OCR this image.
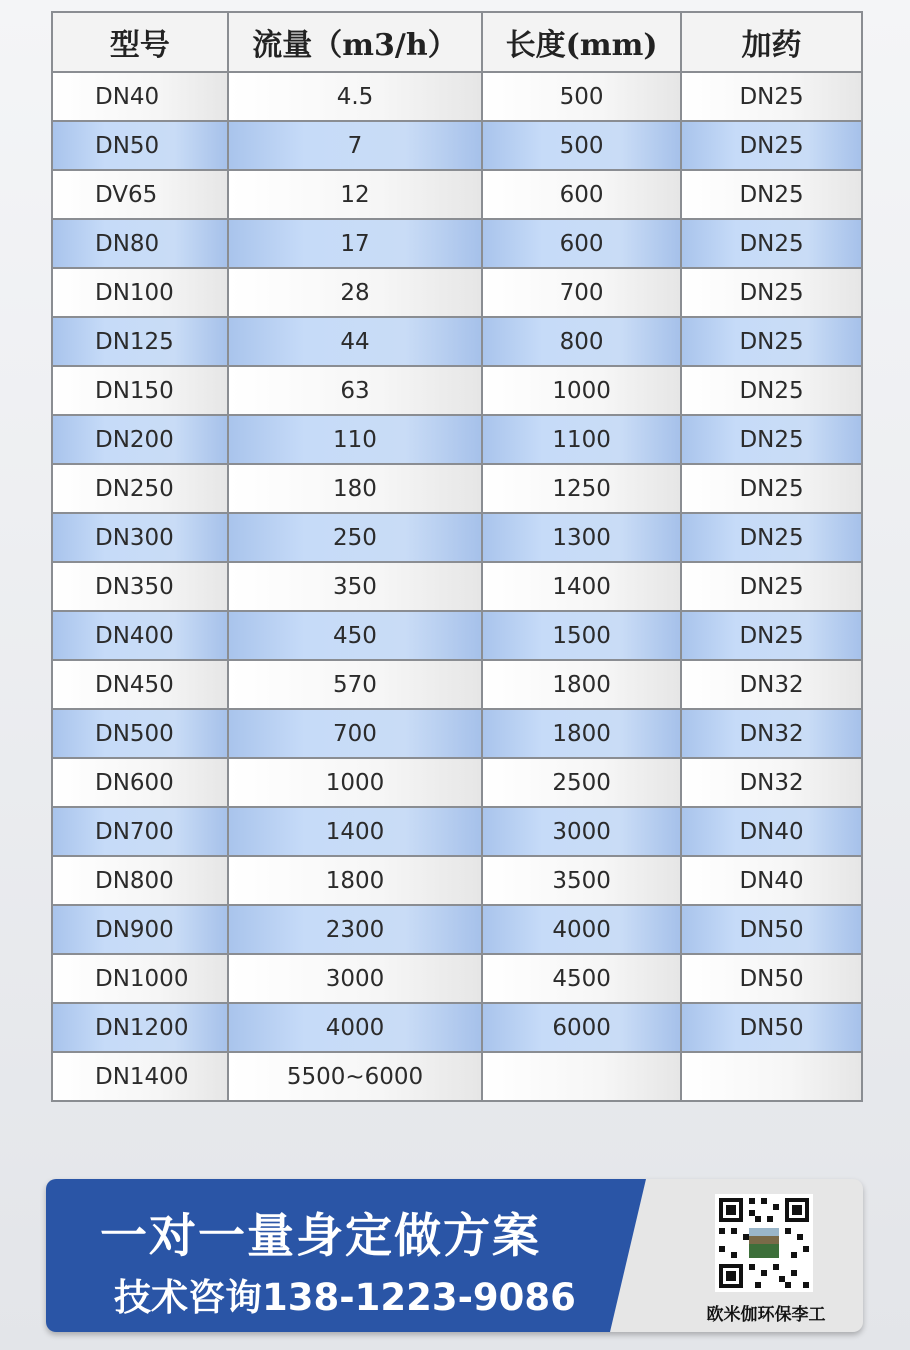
型号	流量（m3/h）	长度(mm)	加药
DN40	4.5	500	DN25
DN50	7	500	DN25
DV65	12	600	DN25
DN80	17	600	DN25
DN100	28	700	DN25
DN125	44	800	DN25
DN150	63	1000	DN25
DN200	110	1100	DN25
DN250	180	1250	DN25
DN300	250	1300	DN25
DN350	350	1400	DN25
DN400	450	1500	DN25
DN450	570	1800	DN32
DN500	700	1800	DN32
DN600	1000	2500	DN32
DN700	1400	3000	DN40
DN800	1800	3500	DN40
DN900	2300	4000	DN50
DN1000	3000	4500	DN50
DN1200	4000	6000	DN50
DN1400	5500~6000		
一对一量身定做方案
技术咨询138-1223-9086	欧米伽环保李工
